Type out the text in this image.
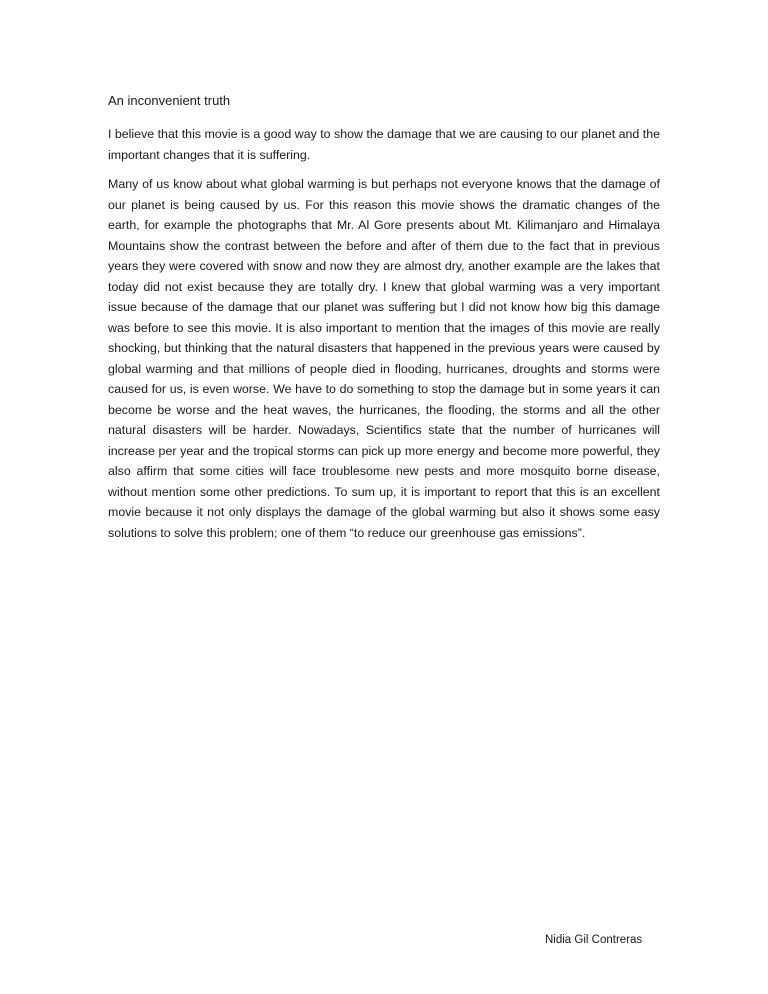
An inconvenient truth

I believe that this movie is a good way to show the damage that we are causing to our planet and the important changes that it is suffering.

Many of us know about what global warming is but perhaps not everyone knows that the damage of our planet is being caused by us. For this reason this movie shows the dramatic changes of the earth, for example the photographs that Mr. Al Gore presents about Mt. Kilimanjaro and Himalaya Mountains show the contrast between the before and after of them due to the fact that in previous years they were covered with snow and now they are almost dry, another example are the lakes that today did not exist because they are totally dry. I knew that global warming was a very important issue because of the damage that our planet was suffering but I did not know how big this damage was before to see this movie. It is also important to mention that the images of this movie are really shocking, but thinking that the natural disasters that happened in the previous years were caused by global warming and that millions of people died in flooding, hurricanes, droughts and storms were caused for us, is even worse. We have to do something to stop the damage but in some years it can become be worse and the heat waves, the hurricanes, the flooding, the storms and all the other natural disasters will be harder. Nowadays, Scientifics state that the number of hurricanes will increase per year and the tropical storms can pick up more energy and become more powerful, they also affirm that some cities will face troublesome new pests and more mosquito borne disease, without mention some other predictions. To sum up, it is important to report that this is an excellent movie because it not only displays the damage of the global warming but also it shows some easy solutions to solve this problem; one of them “to reduce our greenhouse gas emissions”.

Nidia Gil Contreras
